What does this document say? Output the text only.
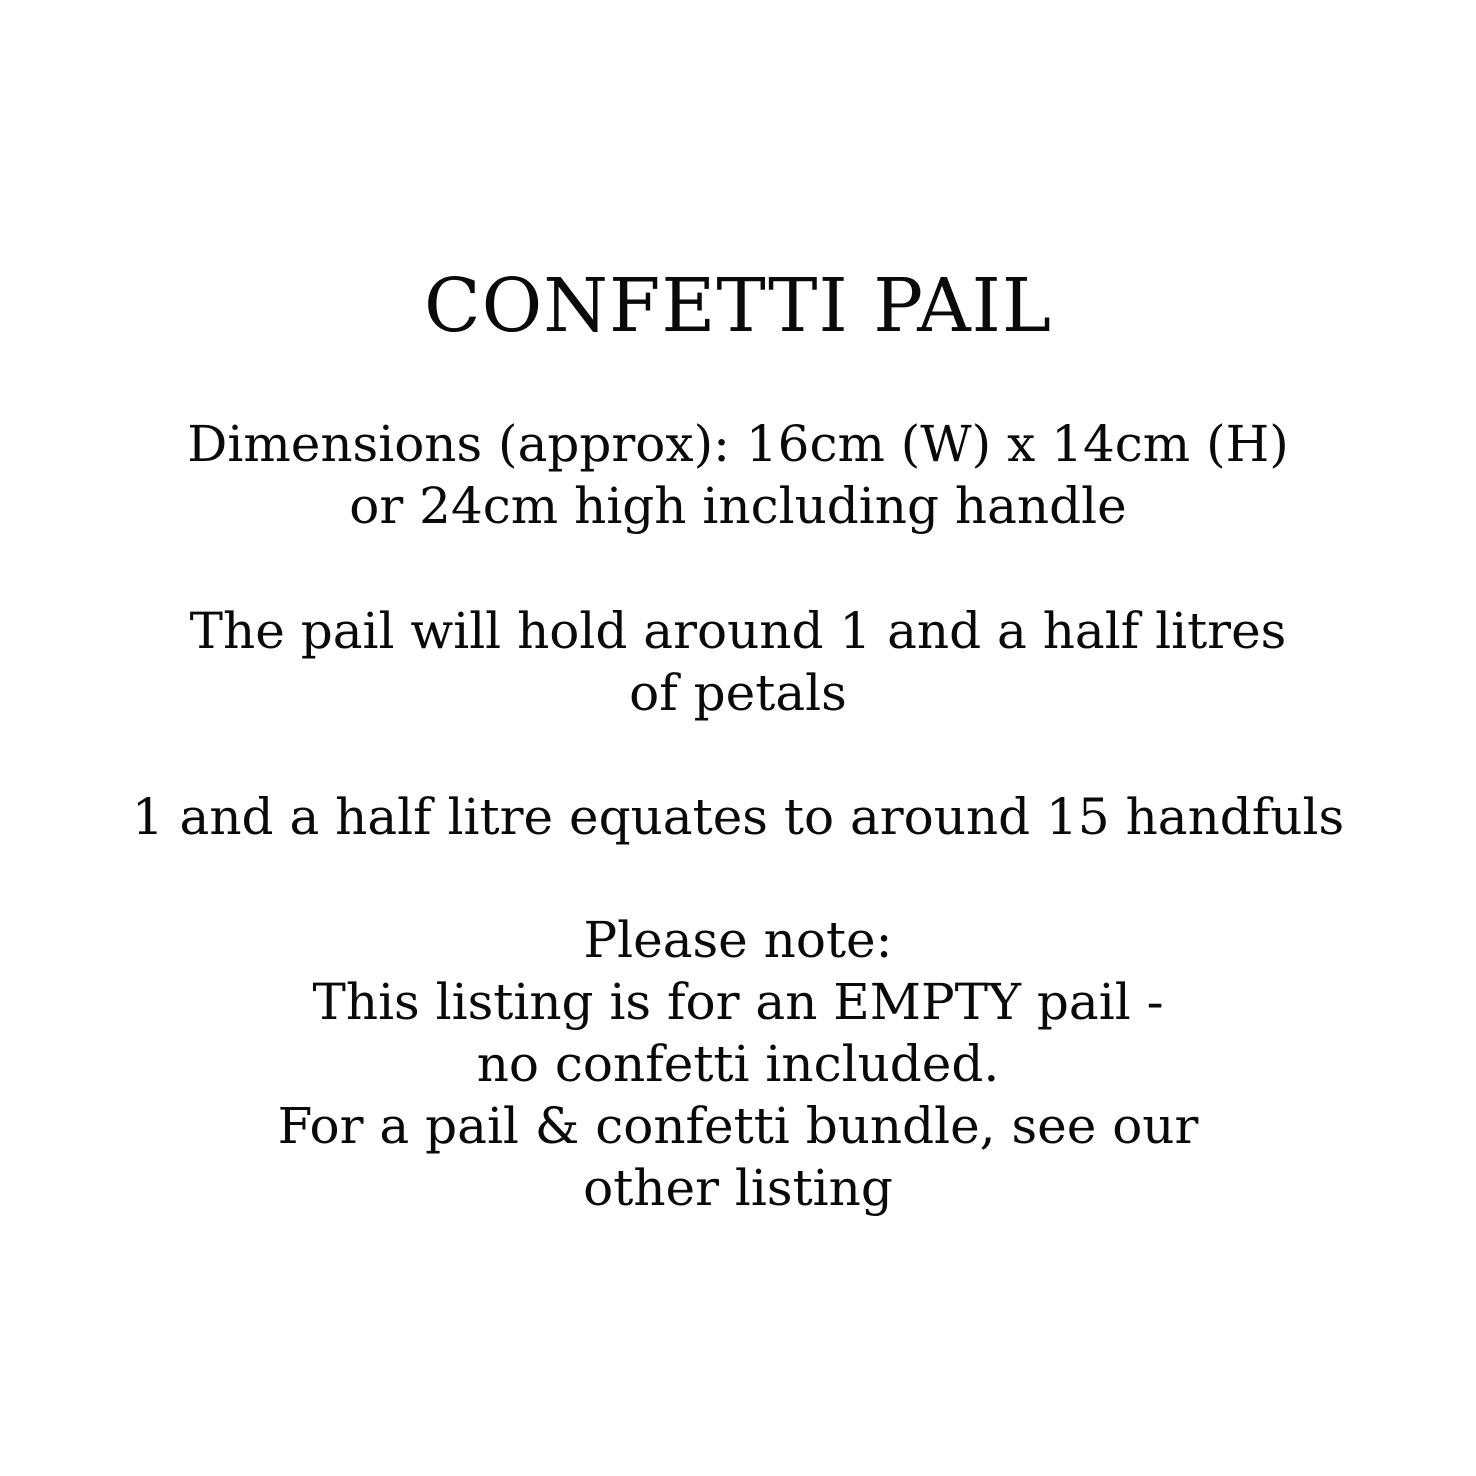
CONFETTI PAIL

Dimensions (approx): 16cm (W) x 14cm (H)
or 24cm high including handle

The pail will hold around 1 and a half litres
of petals

1 and a half litre equates to around 15 handfuls

Please note:
This listing is for an EMPTY pail -
no confetti included.
For a pail & confetti bundle, see our
other listing
